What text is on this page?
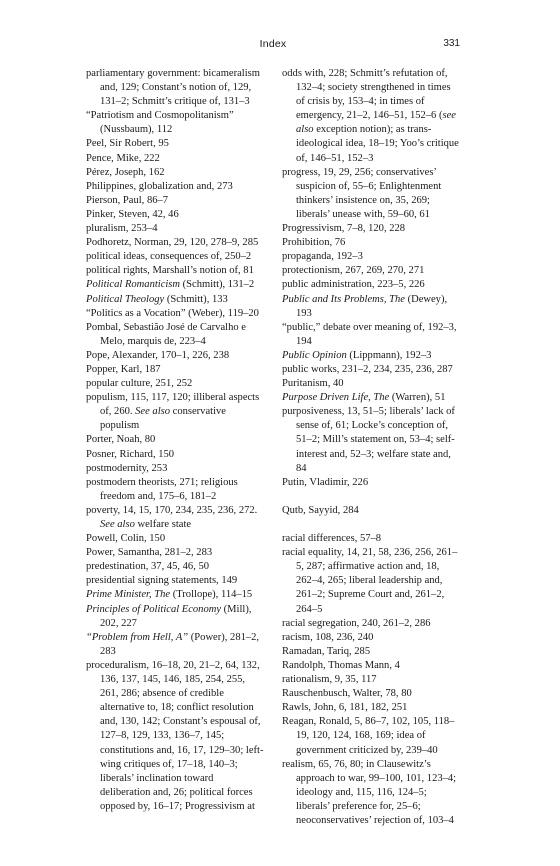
Index	331
parliamentary government: bicameralism and, 129; Constant’s notion of, 129, 131–2; Schmitt’s critique of, 131–3
“Patriotism and Cosmopolitanism” (Nussbaum), 112
Peel, Sir Robert, 95
Pence, Mike, 222
Pérez, Joseph, 162
Philippines, globalization and, 273
Pierson, Paul, 86–7
Pinker, Steven, 42, 46
pluralism, 253–4
Podhoretz, Norman, 29, 120, 278–9, 285
political ideas, consequences of, 250–2
political rights, Marshall’s notion of, 81
Political Romanticism (Schmitt), 131–2
Political Theology (Schmitt), 133
“Politics as a Vocation” (Weber), 119–20
Pombal, Sebastião José de Carvalho e Melo, marquis de, 223–4
Pope, Alexander, 170–1, 226, 238
Popper, Karl, 187
popular culture, 251, 252
populism, 115, 117, 120; illiberal aspects of, 260. See also conservative populism
Porter, Noah, 80
Posner, Richard, 150
postmodernity, 253
postmodern theorists, 271; religious freedom and, 175–6, 181–2
poverty, 14, 15, 170, 234, 235, 236, 272. See also welfare state
Powell, Colin, 150
Power, Samantha, 281–2, 283
predestination, 37, 45, 46, 50
presidential signing statements, 149
Prime Minister, The (Trollope), 114–15
Principles of Political Economy (Mill), 202, 227
“Problem from Hell, A” (Power), 281–2, 283
proceduralism, 16–18, 20, 21–2, 64, 132, 136, 137, 145, 146, 185, 254, 255, 261, 286; absence of credible alternative to, 18; conflict resolution and, 130, 142; Constant’s espousal of, 127–8, 129, 133, 136–7, 145; constitutions and, 16, 17, 129–30; left-wing critiques of, 17–18, 140–3; liberals’ inclination toward deliberation and, 26; political forces opposed by, 16–17; Progressivism at
odds with, 228; Schmitt’s refutation of, 132–4; society strengthened in times of crisis by, 153–4; in times of emergency, 21–2, 146–51, 152–6 (see also exception notion); as trans-ideological idea, 18–19; Yoo’s critique of, 146–51, 152–3
progress, 19, 29, 256; conservatives’ suspicion of, 55–6; Enlightenment thinkers’ insistence on, 35, 269; liberals’ unease with, 59–60, 61
Progressivism, 7–8, 120, 228
Prohibition, 76
propaganda, 192–3
protectionism, 267, 269, 270, 271
public administration, 223–5, 226
Public and Its Problems, The (Dewey), 193
“public,” debate over meaning of, 192–3, 194
Public Opinion (Lippmann), 192–3
public works, 231–2, 234, 235, 236, 287
Puritanism, 40
Purpose Driven Life, The (Warren), 51
purposiveness, 13, 51–5; liberals’ lack of sense of, 61; Locke’s conception of, 51–2; Mill’s statement on, 53–4; self-interest and, 52–3; welfare state and, 84
Putin, Vladimir, 226
Qutb, Sayyid, 284
racial differences, 57–8
racial equality, 14, 21, 58, 236, 256, 261–5, 287; affirmative action and, 18, 262–4, 265; liberal leadership and, 261–2; Supreme Court and, 261–2, 264–5
racial segregation, 240, 261–2, 286
racism, 108, 236, 240
Ramadan, Tariq, 285
Randolph, Thomas Mann, 4
rationalism, 9, 35, 117
Rauschenbusch, Walter, 78, 80
Rawls, John, 6, 181, 182, 251
Reagan, Ronald, 5, 86–7, 102, 105, 118–19, 120, 124, 168, 169; idea of government criticized by, 239–40
realism, 65, 76, 80; in Clausewitz’s approach to war, 99–100, 101, 123–4; ideology and, 115, 116, 124–5; liberals’ preference for, 25–6; neoconservatives’ rejection of, 103–4
